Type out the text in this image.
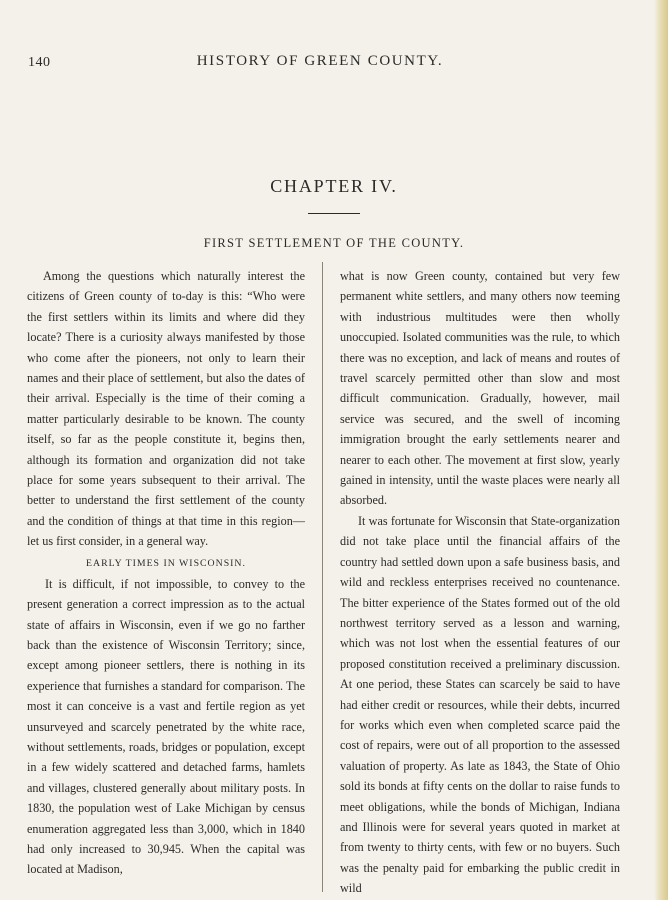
140	HISTORY OF GREEN COUNTY.
CHAPTER IV.
FIRST SETTLEMENT OF THE COUNTY.

Among the questions which naturally interest the citizens of Green county of to-day is this: “Who were the first settlers within its limits and where did they locate? There is a curiosity always manifested by those who come after the pioneers, not only to learn their names and their place of settlement, but also the dates of their arrival. Especially is the time of their coming a matter particularly desirable to be known. The county itself, so far as the people constitute it, begins then, although its formation and organization did not take place for some years subsequent to their arrival. The better to understand the first settlement of the county and the condition of things at that time in this region—let us first consider, in a general way.

EARLY TIMES IN WISCONSIN.

It is difficult, if not impossible, to convey to the present generation a correct impression as to the actual state of affairs in Wisconsin, even if we go no farther back than the existence of Wisconsin Territory; since, except among pioneer settlers, there is nothing in its experience that furnishes a standard for comparison. The most it can conceive is a vast and fertile region as yet unsurveyed and scarcely penetrated by the white race, without settlements, roads, bridges or population, except in a few widely scattered and detached farms, hamlets and villages, clustered generally about military posts. In 1830, the population west of Lake Michigan by census enumeration aggregated less than 3,000, which in 1840 had only increased to 30,945. When the capital was located at Madison,

what is now Green county, contained but very few permanent white settlers, and many others now teeming with industrious multitudes were then wholly unoccupied. Isolated communities was the rule, to which there was no exception, and lack of means and routes of travel scarcely permitted other than slow and most difficult communication. Gradually, however, mail service was secured, and the swell of incoming immigration brought the early settlements nearer and nearer to each other. The movement at first slow, yearly gained in intensity, until the waste places were nearly all absorbed.

It was fortunate for Wisconsin that State-organization did not take place until the financial affairs of the country had settled down upon a safe business basis, and wild and reckless enterprises received no countenance. The bitter experience of the States formed out of the old northwest territory served as a lesson and warning, which was not lost when the essential features of our proposed constitution received a preliminary discussion. At one period, these States can scarcely be said to have had either credit or resources, while their debts, incurred for works which even when completed scarce paid the cost of repairs, were out of all proportion to the assessed valuation of property. As late as 1843, the State of Ohio sold its bonds at fifty cents on the dollar to raise funds to meet obligations, while the bonds of Michigan, Indiana and Illinois were for several years quoted in market at from twenty to thirty cents, with few or no buyers. Such was the penalty paid for embarking the public credit in wild
